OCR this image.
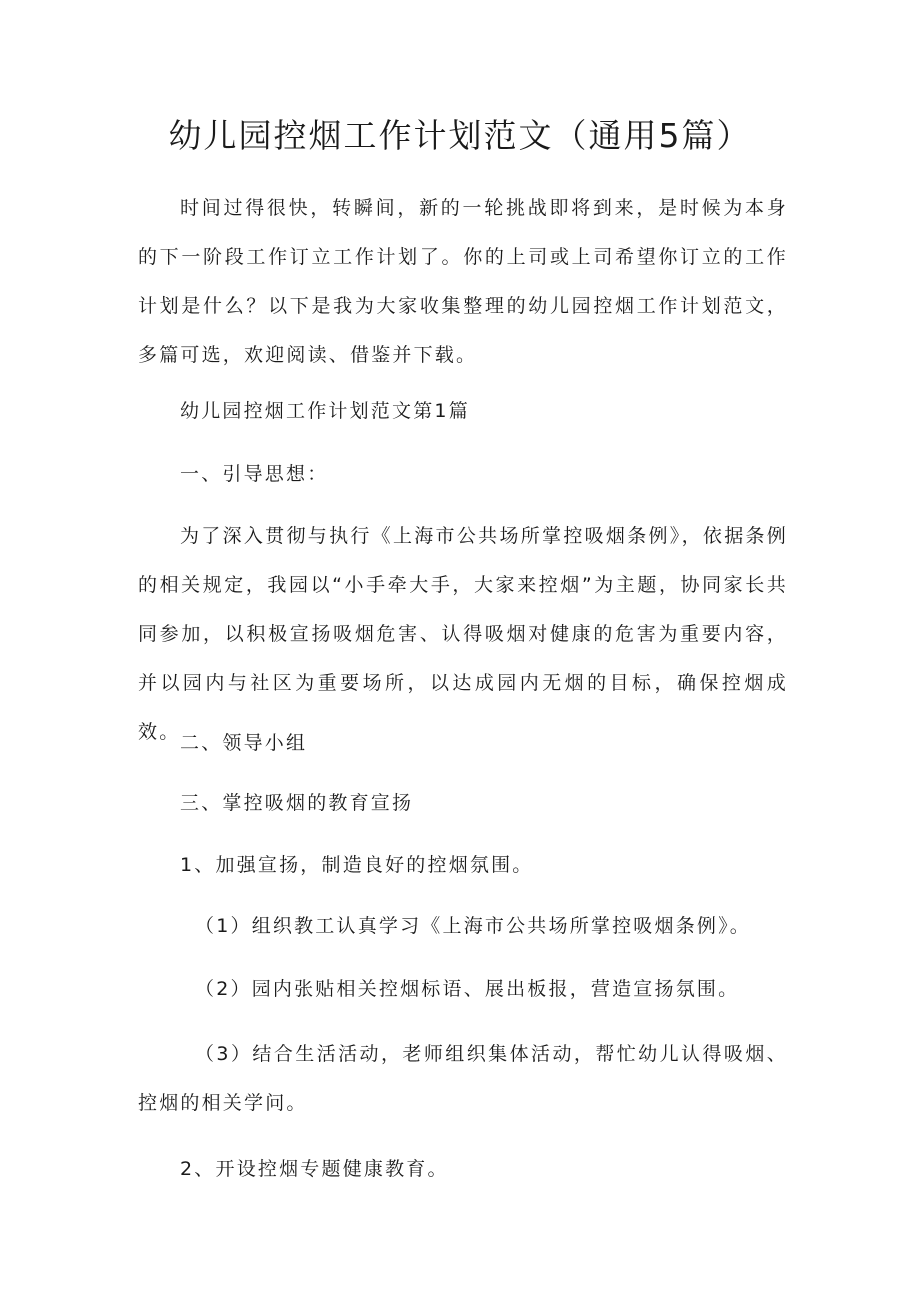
幼儿园控烟工作计划范文（通用5篇）
时间过得很快，转瞬间，新的一轮挑战即将到来，是时候为本身的下一阶段工作订立工作计划了。你的上司或上司希望你订立的工作计划是什么？以下是我为大家收集整理的幼儿园控烟工作计划范文，多篇可选，欢迎阅读、借鉴并下载。
幼儿园控烟工作计划范文第1篇
一、引导思想：
为了深入贯彻与执行《上海市公共场所掌控吸烟条例》，依据条例的相关规定，我园以“小手牵大手，大家来控烟”为主题，协同家长共同参加，以积极宣扬吸烟危害、认得吸烟对健康的危害为重要内容，并以园内与社区为重要场所，以达成园内无烟的目标，确保控烟成效。 二、领导小组
三、掌控吸烟的教育宣扬
1、加强宣扬，制造良好的控烟氛围。
（1）组织教工认真学习《上海市公共场所掌控吸烟条例》。
（2）园内张贴相关控烟标语、展出板报，营造宣扬氛围。
（3）结合生活活动，老师组织集体活动，帮忙幼儿认得吸烟、控烟的相关学问。
2、开设控烟专题健康教育。
